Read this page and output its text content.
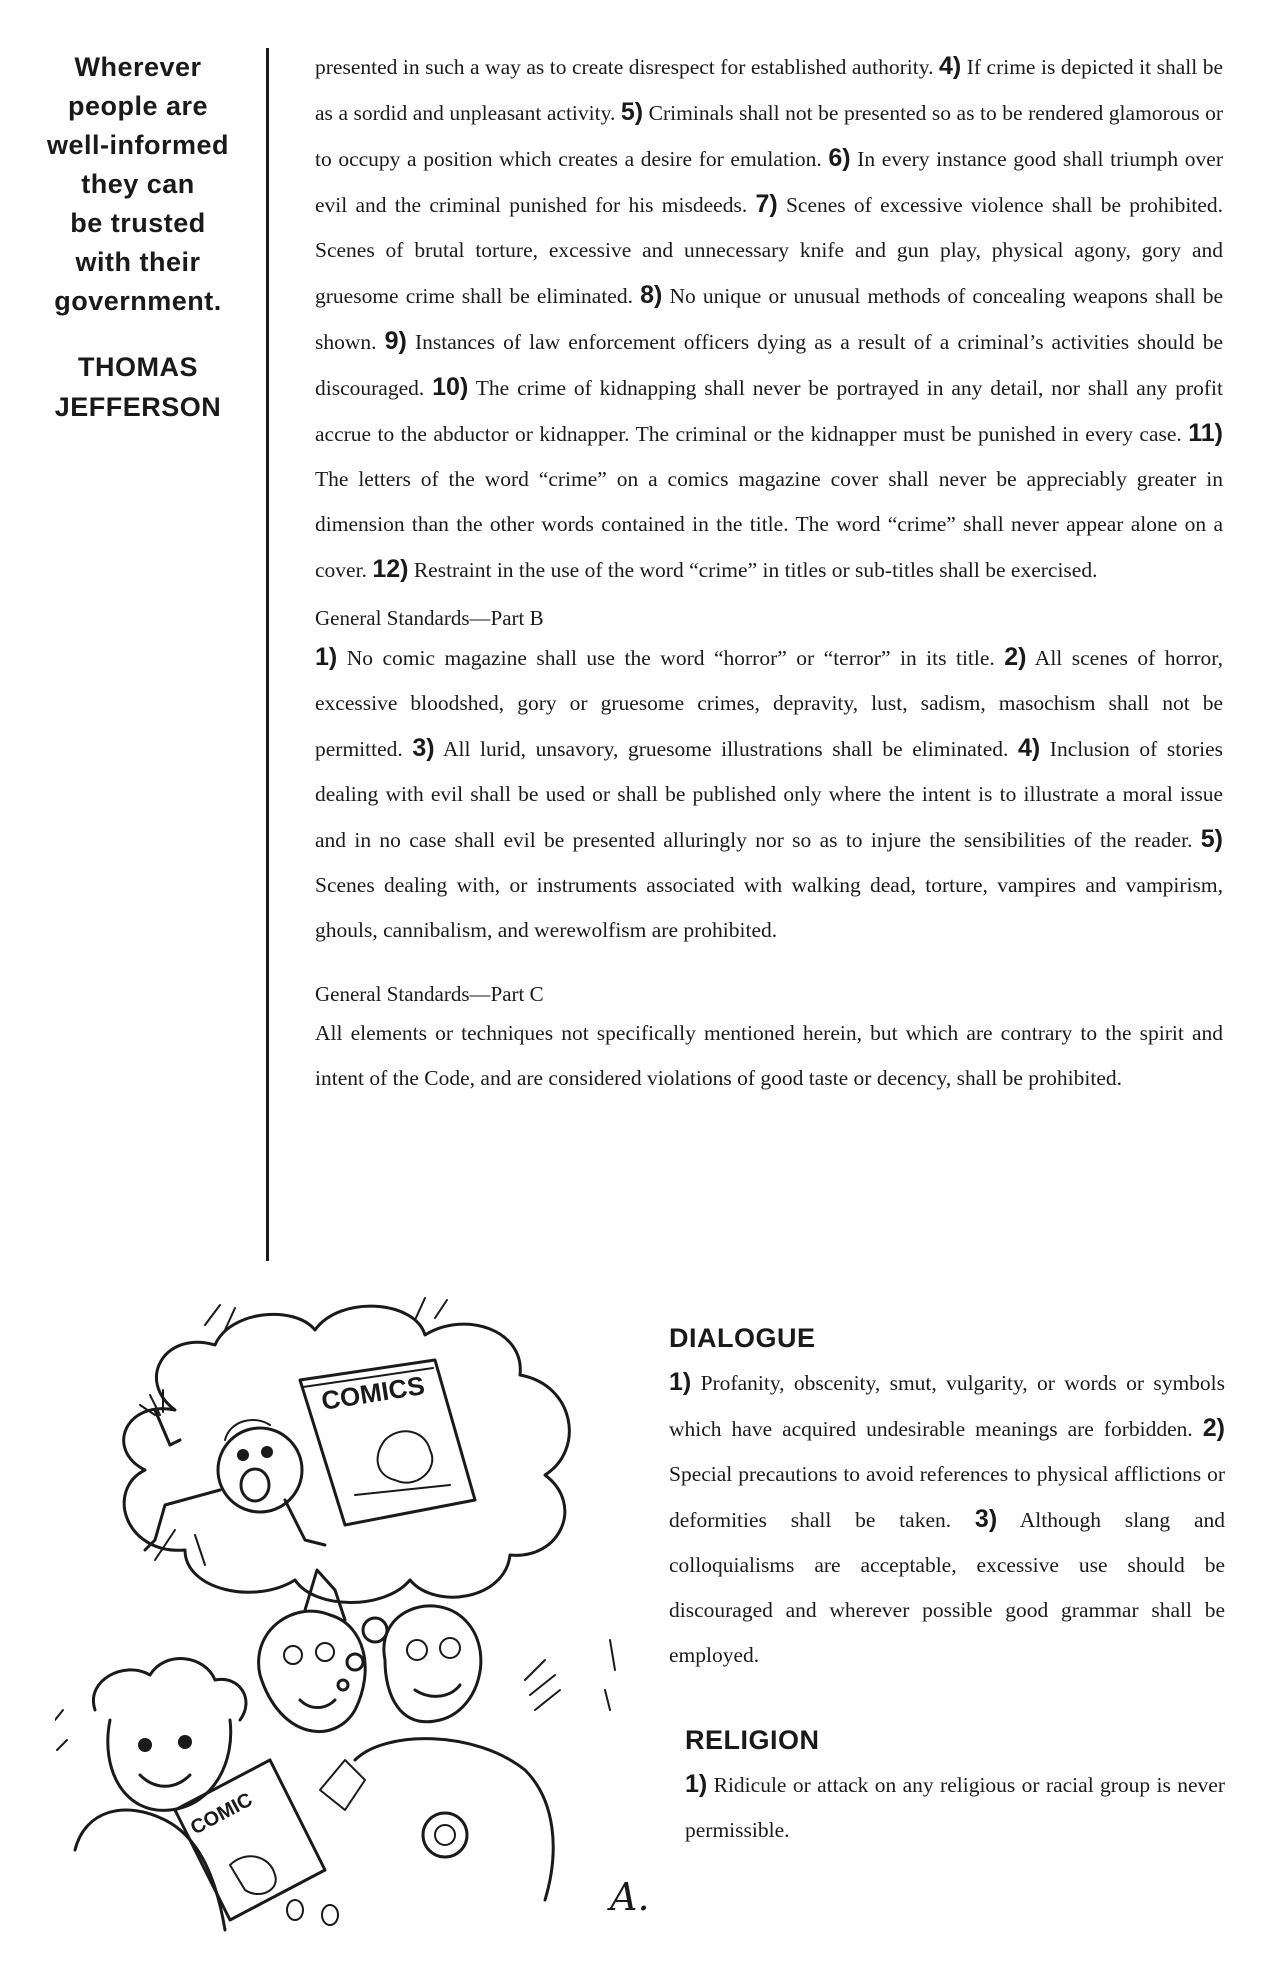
Wherever
people are
well-informed
they can
be trusted
with their
government.
THOMAS
JEFFERSON

presented in such a way as to create disrespect for established authority. 4) If crime is depicted it shall be as a sordid and unpleasant activity. 5) Criminals shall not be presented so as to be rendered glamorous or to occupy a position which creates a desire for emulation. 6) In every instance good shall triumph over evil and the criminal punished for his misdeeds. 7) Scenes of excessive violence shall be prohibited. Scenes of brutal torture, excessive and unnecessary knife and gun play, physical agony, gory and gruesome crime shall be eliminated. 8) No unique or unusual methods of concealing weapons shall be shown. 9) Instances of law enforcement officers dying as a result of a criminal’s activities should be discouraged. 10) The crime of kidnapping shall never be portrayed in any detail, nor shall any profit accrue to the abductor or kidnapper. The criminal or the kidnapper must be punished in every case. 11) The letters of the word “crime” on a comics magazine cover shall never be appreciably greater in dimension than the other words contained in the title. The word “crime” shall never appear alone on a cover. 12) Restraint in the use of the word “crime” in titles or sub-titles shall be exercised.

General Standards—Part B

1) No comic magazine shall use the word “horror” or “terror” in its title. 2) All scenes of horror, excessive bloodshed, gory or gruesome crimes, depravity, lust, sadism, masochism shall not be permitted. 3) All lurid, unsavory, gruesome illustrations shall be eliminated. 4) Inclusion of stories dealing with evil shall be used or shall be published only where the intent is to illustrate a moral issue and in no case shall evil be presented alluringly nor so as to injure the sensibilities of the reader. 5) Scenes dealing with, or instruments associated with walking dead, torture, vampires and vampirism, ghouls, cannibalism, and werewolfism are prohibited.

General Standards—Part C

All elements or techniques not specifically mentioned herein, but which are contrary to the spirit and intent of the Code, and are considered violations of good taste or decency, shall be prohibited.

COMICS
COMIC
A.
DIALOGUE

1) Profanity, obscenity, smut, vulgarity, or words or symbols which have acquired undesirable meanings are forbidden. 2) Special precautions to avoid references to physical afflictions or deformities shall be taken. 3) Although slang and colloquialisms are acceptable, excessive use should be discouraged and wherever possible good grammar shall be employed.

RELIGION

1) Ridicule or attack on any religious or racial group is never permissible.
